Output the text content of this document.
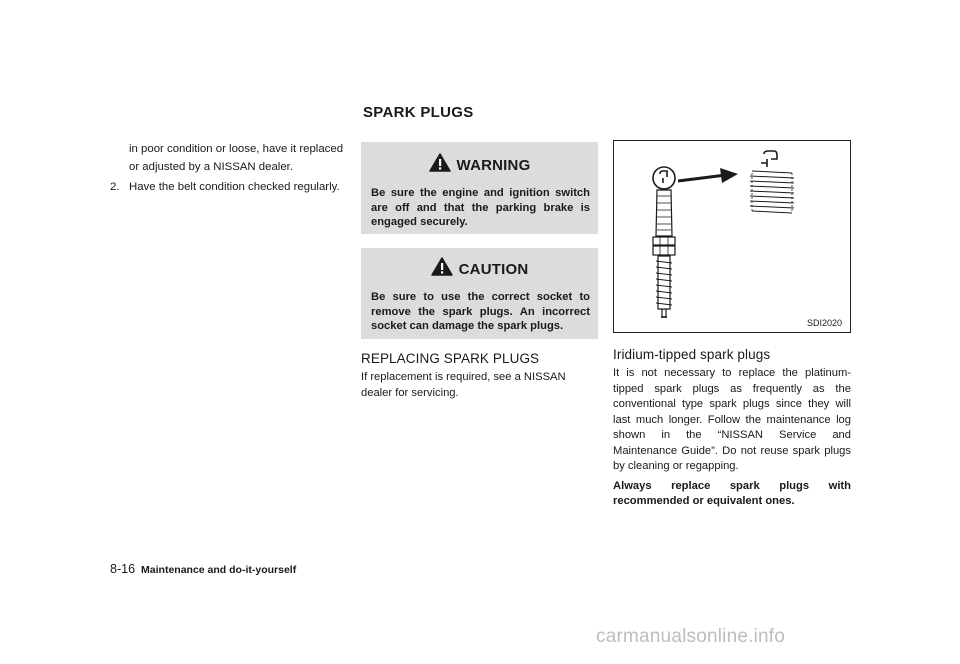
SPARK PLUGS

in poor condition or loose, have it replaced or adjusted by a NISSAN dealer.

2. Have the belt condition checked regularly.
WARNING

Be sure the engine and ignition switch are off and that the parking brake is engaged securely.

CAUTION

Be sure to use the correct socket to remove the spark plugs. An incorrect socket can damage the spark plugs.

REPLACING SPARK PLUGS

If replacement is required, see a NISSAN dealer for servicing.

SDI2020
Iridium-tipped spark plugs

It is not necessary to replace the platinum-tipped spark plugs as frequently as the conventional type spark plugs since they will last much longer. Follow the maintenance log shown in the “NISSAN Service and Maintenance Guide”. Do not reuse spark plugs by cleaning or regapping.

Always replace spark plugs with recommended or equivalent ones.

8-16 Maintenance and do-it-yourself
carmanualsonline.info
